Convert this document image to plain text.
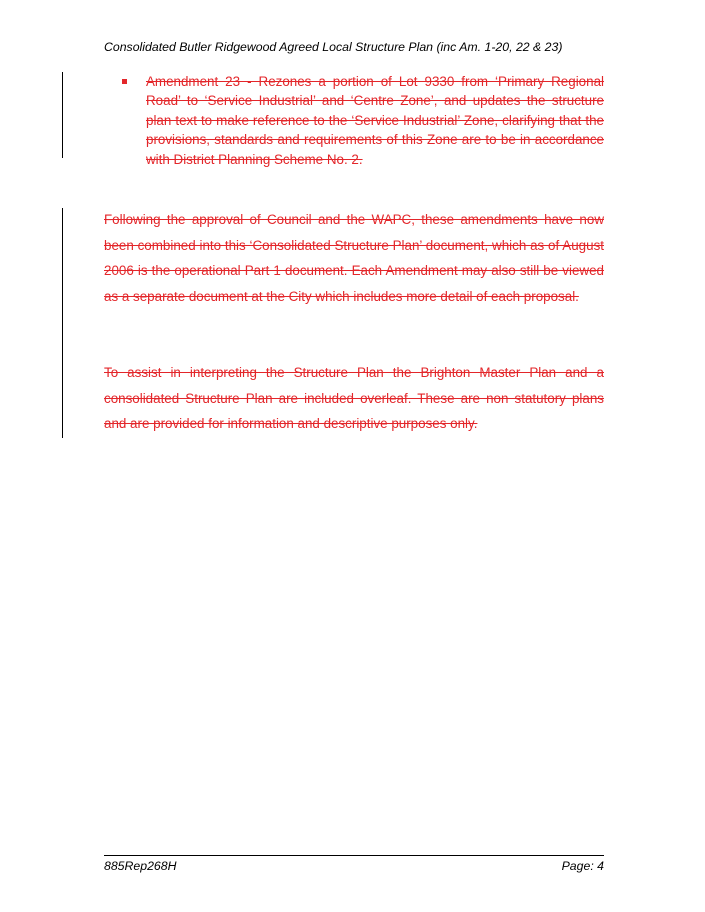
Consolidated Butler Ridgewood Agreed Local Structure Plan (inc Am. 1-20, 22 & 23)
Amendment 23 - Rezones a portion of Lot 9330 from ‘Primary Regional Road’ to ‘Service Industrial’ and ‘Centre Zone’, and updates the structure plan text to make reference to the ‘Service Industrial’ Zone, clarifying that the provisions, standards and requirements of this Zone are to be in accordance with District Planning Scheme No. 2.
Following the approval of Council and the WAPC, these amendments have now been combined into this ‘Consolidated Structure Plan’ document, which as of August 2006 is the operational Part 1 document. Each Amendment may also still be viewed as a separate document at the City which includes more detail of each proposal.
To assist in interpreting the Structure Plan the Brighton Master Plan and a consolidated Structure Plan are included overleaf. These are non statutory plans and are provided for information and descriptive purposes only.
885Rep268H	Page: 4
